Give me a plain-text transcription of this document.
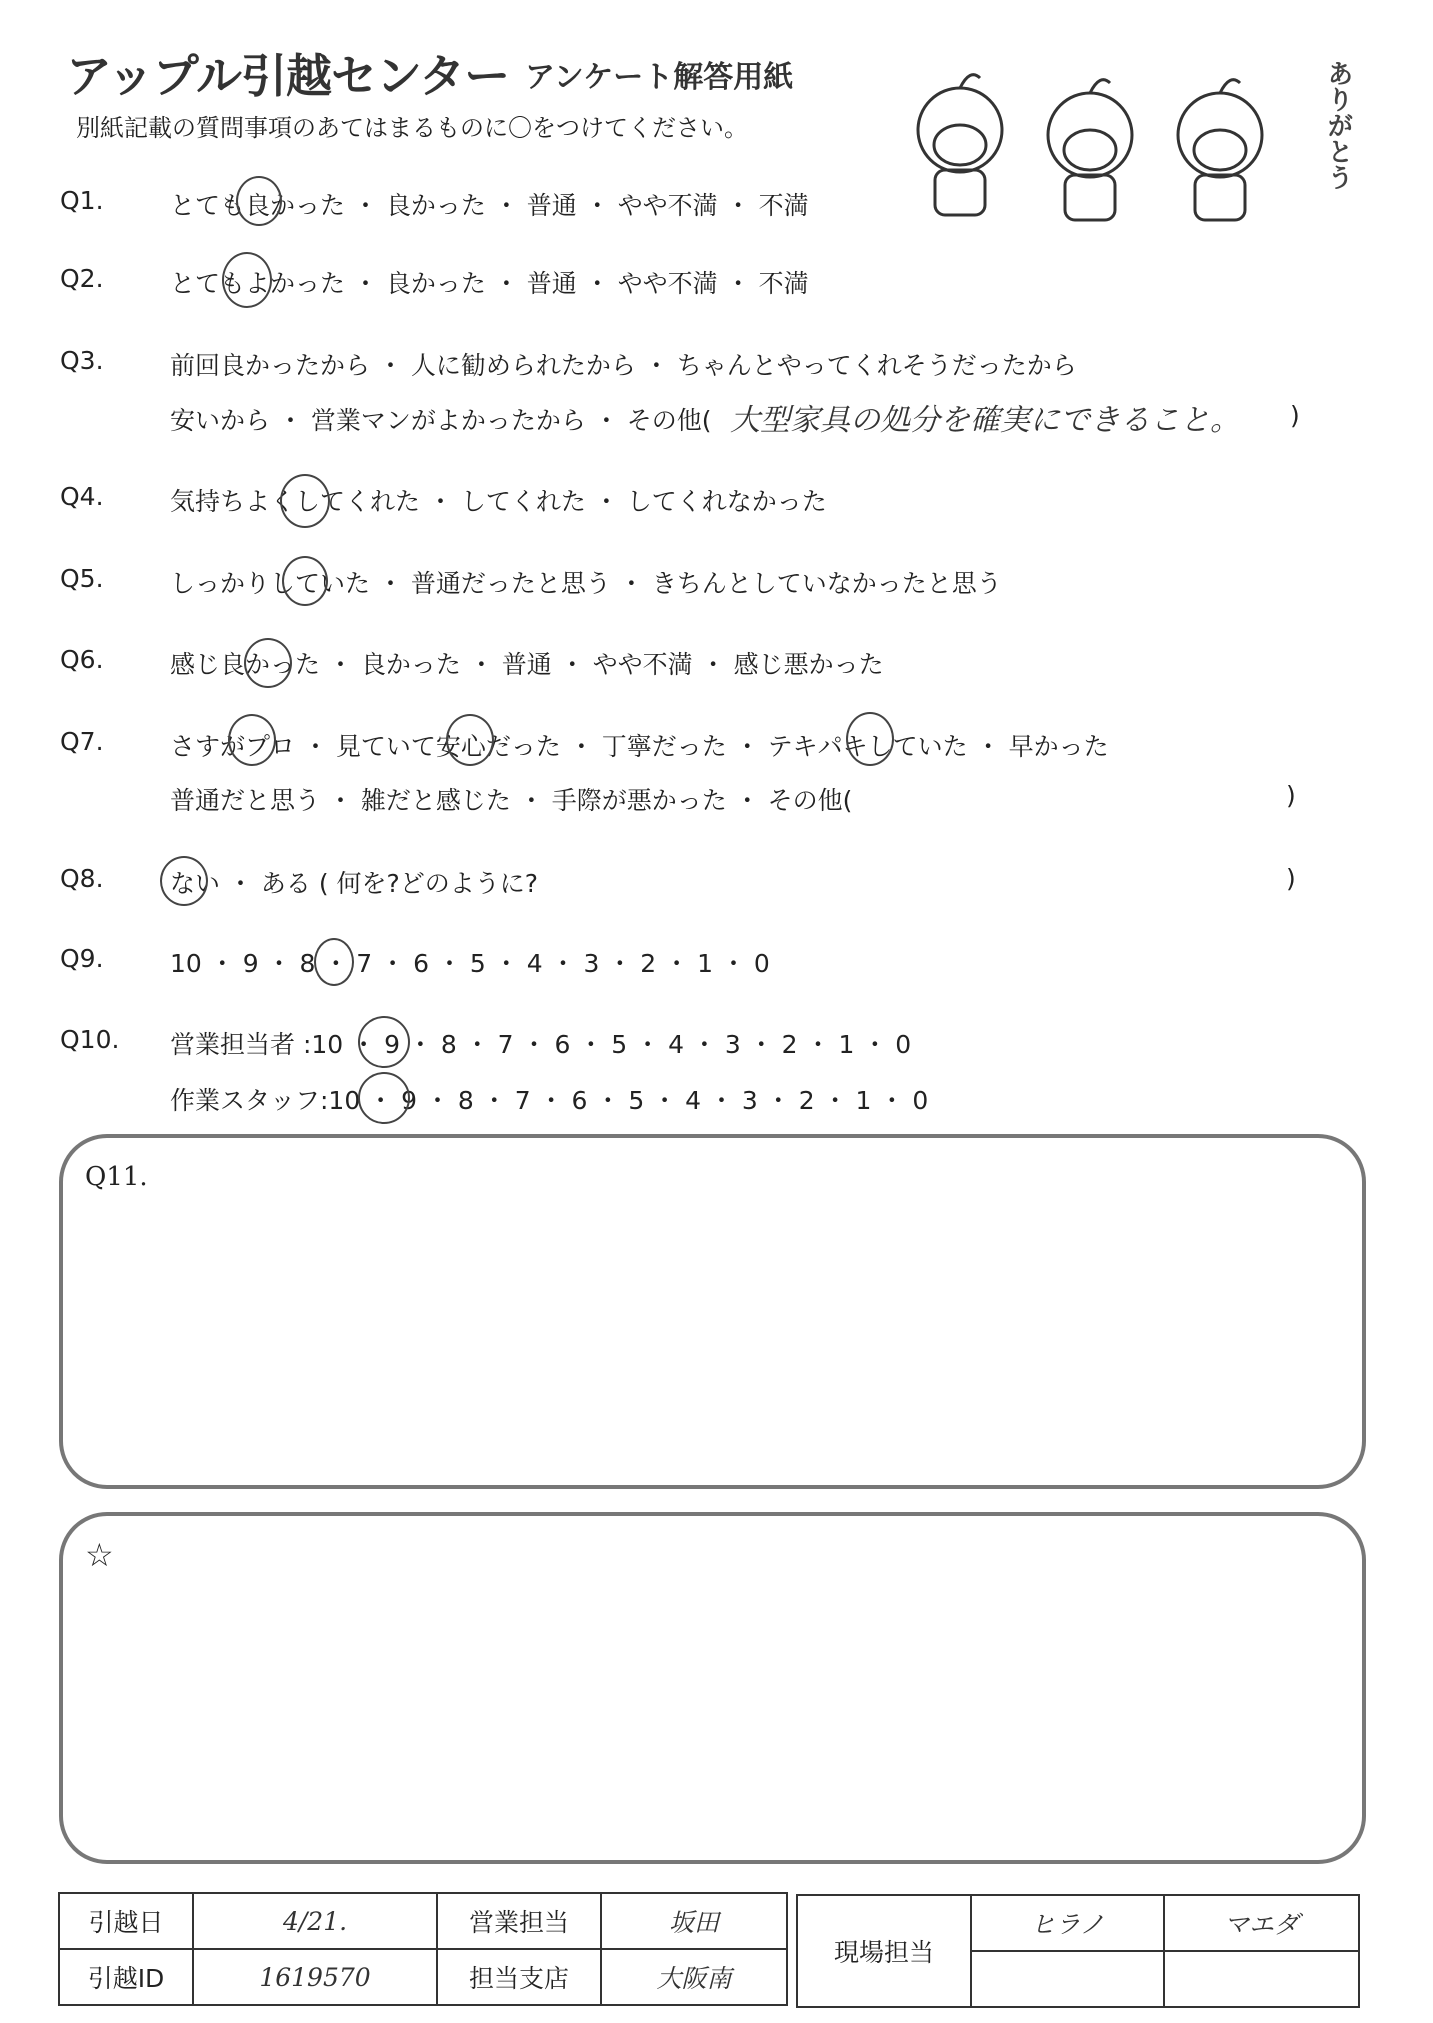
アップル引越センター アンケート解答用紙
別紙記載の質問事項のあてはまるものに〇をつけてください。	ありがとう
Q1.	とても良かった ・ 良かった ・ 普通 ・ やや不満 ・ 不満
Q2.	とてもよかった ・ 良かった ・ 普通 ・ やや不満 ・ 不満
Q3.	前回良かったから ・ 人に勧められたから ・ ちゃんとやってくれそうだったから
安いから ・ 営業マンがよかったから ・ その他( 大型家具の処分を確実にできること。 )
Q4.	気持ちよくしてくれた ・ してくれた ・ してくれなかった
Q5.	しっかりしていた ・ 普通だったと思う ・ きちんとしていなかったと思う
Q6.	感じ良かった ・ 良かった ・ 普通 ・ やや不満 ・ 感じ悪かった
Q7.	さすがプロ ・ 見ていて安心だった ・ 丁寧だった ・ テキパキしていた ・ 早かった
普通だと思う ・ 雑だと感じた ・ 手際が悪かった ・ その他(	)
Q8.	ない ・ ある ( 何を?どのように?	)
Q9.	10 ・ 9 ・ 8 ・ 7 ・ 6 ・ 5 ・ 4 ・ 3 ・ 2 ・ 1 ・ 0
Q10. 営業担当者 :10 ・ 9 ・ 8 ・ 7 ・ 6 ・ 5 ・ 4 ・ 3 ・ 2 ・ 1 ・ 0
作業スタッフ:10 ・ 9 ・ 8 ・ 7 ・ 6 ・ 5 ・ 4 ・ 3 ・ 2 ・ 1 ・ 0
Q11.
☆
引越日	4/21.	営業担当	坂田
引越ID	1619570	担当支店	大阪南
現場担当	ヒラノ	マエダ
